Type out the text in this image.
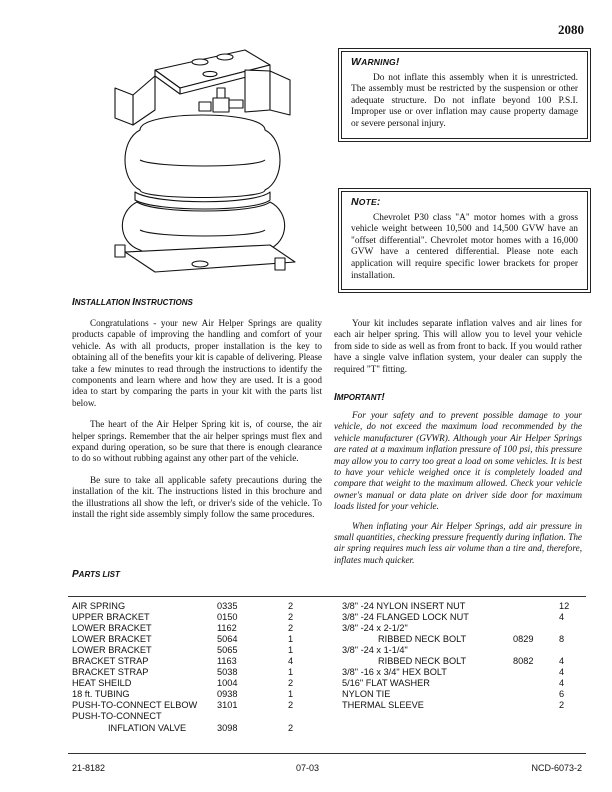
2080
WARNING!

Do not inflate this assembly when it is unrestricted. The assembly must be restricted by the suspension or other adequate structure. Do not inflate beyond 100 P.S.I. Improper use or over inflation may cause property damage or severe personal injury.

NOTE:

Chevrolet P30 class "A" motor homes with a gross vehicle weight between 10,500 and 14,500 GVW have an "offset differential". Chevrolet motor homes with a 16,000 GVW have a centered differential. Please note each application will require specific lower brackets for proper installation.

INSTALLATION INSTRUCTIONS

Congratulations - your new Air Helper Springs are quality products capable of improving the handling and comfort of your vehicle. As with all products, proper installation is the key to obtaining all of the benefits your kit is capable of delivering. Please take a few minutes to read through the instructions to identify the components and learn where and how they are used. It is a good idea to start by comparing the parts in your kit with the parts list below.

The heart of the Air Helper Spring kit is, of course, the air helper springs. Remember that the air helper springs must flex and expand during operation, so be sure that there is enough clearance to do so without rubbing against any other part of the vehicle.

Be sure to take all applicable safety precautions during the installation of the kit. The instructions listed in this brochure and the illustrations all show the left, or driver's side of the vehicle. To install the right side assembly simply follow the same procedures.

Your kit includes separate inflation valves and air lines for each air helper spring. This will allow you to level your vehicle from side to side as well as from front to back. If you would rather have a single valve inflation system, your dealer can supply the required "T" fitting.

IMPORTANT!

For your safety and to prevent possible damage to your vehicle, do not exceed the maximum load recommended by the vehicle manufacturer (GVWR). Although your Air Helper Springs are rated at a maximum inflation pressure of 100 psi, this pressure may allow you to carry too great a load on some vehicles. It is best to have your vehicle weighed once it is completely loaded and compare that weight to the maximum allowed. Check your vehicle owner's manual or data plate on driver side door for maximum loads listed for your vehicle.

When inflating your Air Helper Springs, add air pressure in small quantities, checking pressure frequently during inflation. The air spring requires much less air volume than a tire and, therefore, inflates much quicker.

PARTS LIST
AIR SPRING	0335	2
UPPER BRACKET	0150	2
LOWER BRACKET	1162	2
LOWER BRACKET	5064	1
LOWER BRACKET	5065	1
BRACKET STRAP	1163	4
BRACKET STRAP	5038	1
HEAT SHEILD	1004	2
18 ft. TUBING	0938	1
PUSH-TO-CONNECT ELBOW 3101	2
PUSH-TO-CONNECT
INFLATION VALVE	3098	2
3/8" -24 NYLON INSERT NUT	12
3/8" -24 FLANGED LOCK NUT	4
3/8" -24 x 2-1/2"
RIBBED NECK BOLT	0829	8
3/8" -24 x 1-1/4"
RIBBED NECK BOLT	8082	4
3/8" -16 x 3/4" HEX BOLT	4
5/16" FLAT WASHER	4
NYLON TIE	6
THERMAL SLEEVE	2
21-8182	07-03	NCD-6073-2
